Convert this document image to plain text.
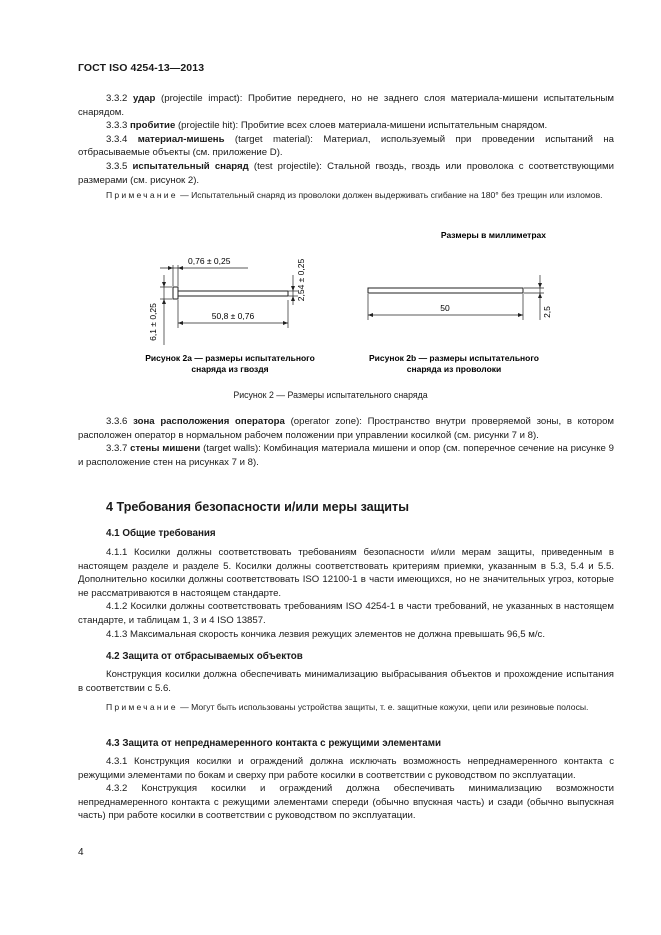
ГОСТ ISO 4254-13—2013

3.3.2 удар (projectile impact): Пробитие переднего, но не заднего слоя материала-мишени испытательным снарядом.

3.3.3 пробитие (projectile hit): Пробитие всех слоев материала-мишени испытательным снарядом.

3.3.4 материал-мишень (target material): Материал, используемый при проведении испытаний на отбрасываемые объекты (см. приложение D).

3.3.5 испытательный снаряд (test projectile): Стальной гвоздь, гвоздь или проволока с соответствующими размерами (см. рисунок 2).

Примечание — Испытательный снаряд из проволоки должен выдерживать сгибание на 180° без трещин или изломов.
Размеры в миллиметрах
0,76 ± 0,25	2,54 ± 0,25
6,1 ± 0,25	50,8 ± 0,76
50	2,5
Рисунок 2а — размеры испытательного
снаряда из гвоздя
Рисунок 2b — размеры испытательного
снаряда из проволоки
Рисунок 2 — Размеры испытательного снаряда

3.3.6 зона расположения оператора (operator zone): Пространство внутри проверяемой зоны, в котором расположен оператор в нормальном рабочем положении при управлении косилкой (см. рисунки 7 и 8).

3.3.7 стены мишени (target walls): Комбинация материала мишени и опор (см. поперечное сечение на рисунке 9 и расположение стен на рисунках 7 и 8).

4 Требования безопасности и/или меры защиты
4.1 Общие требования

4.1.1 Косилки должны соответствовать требованиям безопасности и/или мерам защиты, приведенным в настоящем разделе и разделе 5. Косилки должны соответствовать критериям приемки, указанным в 5.3, 5.4 и 5.5. Дополнительно косилки должны соответствовать ISO 12100-1 в части имеющихся, но не значительных угроз, которые не рассматриваются в настоящем стандарте.

4.1.2 Косилки должны соответствовать требованиям ISO 4254-1 в части требований, не указанных в настоящем стандарте, и таблицам 1, 3 и 4 ISO 13857.

4.1.3 Максимальная скорость кончика лезвия режущих элементов не должна превышать 96,5 м/с.

4.2 Защита от отбрасываемых объектов

Конструкция косилки должна обеспечивать минимализацию выбрасывания объектов и прохождение испытания в соответствии с 5.6.

Примечание — Могут быть использованы устройства защиты, т. е. защитные кожухи, цепи или резиновые полосы.
4.3 Защита от непреднамеренного контакта с режущими элементами

4.3.1 Конструкция косилки и ограждений должна исключать возможность непреднамеренного контакта с режущими элементами по бокам и сверху при работе косилки в соответствии с руководством по эксплуатации.

4.3.2 Конструкция косилки и ограждений должна обеспечивать минимализацию возможности непреднамеренного контакта с режущими элементами спереди (обычно впускная часть) и сзади (обычно выпускная часть) при работе косилки в соответствии с руководством по эксплуатации.

4
